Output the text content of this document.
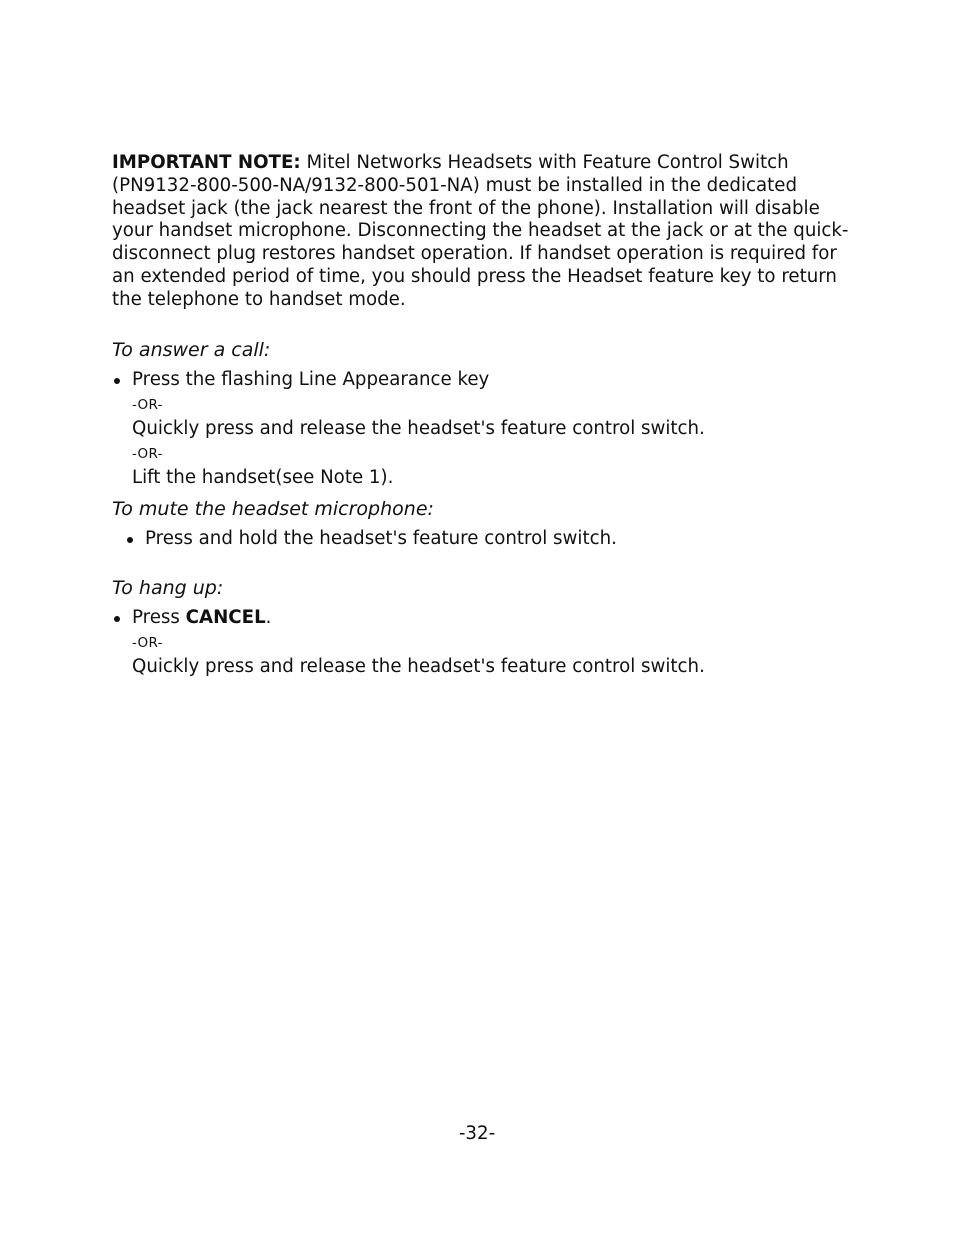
IMPORTANT NOTE: Mitel Networks Headsets with Feature Control Switch (PN9132-800-500-NA/9132-800-501-NA) must be installed in the dedicated headset jack (the jack nearest the front of the phone). Installation will disable your handset microphone. Disconnecting the headset at the jack or at the quick-disconnect plug restores handset operation. If handset operation is required for an extended period of time, you should press the Headset feature key to return the telephone to handset mode.
To answer a call:
Press the flashing Line Appearance key
-OR-
Quickly press and release the headset's feature control switch.
-OR-
Lift the handset(see Note 1).
To mute the headset microphone:
Press and hold the headset's feature control switch.
To hang up:
Press CANCEL.
-OR-
Quickly press and release the headset's feature control switch.
-32-
